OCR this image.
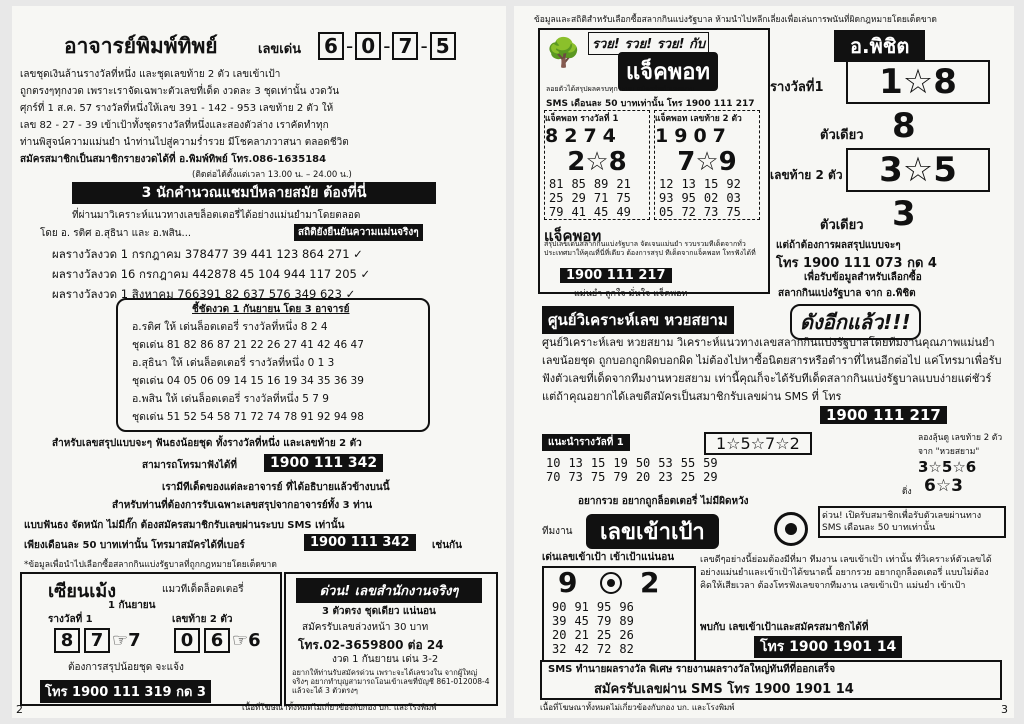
อาจารย์พิมพ์ทิพย์	เลขเด่น	6 - 0 - 7 - 5
เลขชุดเงินล้านรางวัลที่หนึ่ง และชุดเลขท้าย 2 ตัว เลขเข้าเป้า
ถูกตรงๆทุกงวด เพราะเราจัดเฉพาะตัวเลขที่เด็ด งวดละ 3 ชุดเท่านั้น งวดวัน
ศุกร์ที่ 1 ส.ค. 57 รางวัลที่หนึ่งให้เลข 391 - 142 - 953 เลขท้าย 2 ตัว ให้
เลข 82 - 27 - 39 เข้าเป้าทั้งชุดรางวัลที่หนึ่งและสองตัวล่าง เราคัดทำทุก
ท่านพิสูจน์ความแม่นยำ นำท่านไปสู่ความร่ำรวย มีโชคลาภวาสนา ตลอดชีวิต
สมัครสมาชิกเป็นสมาชิกรายงวดได้ที่ อ.พิมพ์ทิพย์ โทร.086-1635184
(ติดต่อได้ตั้งแต่เวลา 13.00 น. – 24.00 น.)
3 นักคำนวณแชมป์หลายสมัย ต้องที่นี่
ที่ผ่านมาวิเคราะห์แนวทางเลขล็อตเตอรี่ได้อย่างแม่นยำมาโดยตลอด
โดย อ. รติศ อ.สุธินา และ อ.พสิน...	สถิติยังยืนยันความแม่นจริงๆ
ผลรางวัลงวด 1 กรกฎาคม 378477 39 441 123 864 271 ✓
ผลรางวัลงวด 16 กรกฎาคม 442878 45 104 944 117 205 ✓
ผลรางวัลงวด 1 สิงหาคม 766391 82 637 576 349 623 ✓
ชี้ชัดงวด 1 กันยายน โดย 3 อาจารย์
อ.รติศ ให้ เด่นล็อตเตอรี่ รางวัลที่หนึ่ง 8 2 4
ชุดเด่น 81 82 86 87 21 22 26 27 41 42 46 47
อ.สุธินา ให้ เด่นล็อตเตอรี่ รางวัลที่หนึ่ง 0 1 3
ชุดเด่น 04 05 06 09 14 15 16 19 34 35 36 39
อ.พสิน ให้ เด่นล็อตเตอรี่ รางวัลที่หนึ่ง 5 7 9
ชุดเด่น 51 52 54 58 71 72 74 78 91 92 94 98
สำหรับเลขสรุปแบบจะๆ ฟันธงน้อยชุด ทั้งรางวัลที่หนึ่ง และเลขท้าย 2 ตัว
สามารถโทรมาฟังได้ที่	1900 111 342
เรามีทีเด็ดของแต่ละอาจารย์ ที่ได้อธิบายแล้วข้างบนนี้
สำหรับท่านที่ต้องการรับเฉพาะเลขสรุปจากอาจารย์ทั้ง 3 ท่าน
แบบฟันธง จัดหนัก ไม่มีกั๊ก ต้องสมัครสมาชิกรับเลขผ่านระบบ SMS เท่านั้น
เพียงเดือนละ 50 บาทเท่านั้น โทรมาสมัครได้ที่เบอร์	1900 111 342	เช่นกัน
*ข้อมูลเพื่อนำไปเลือกซื้อสลากกินแบ่งรัฐบาลที่ถูกกฎหมายโดยเด็ดขาด
เซียนเม้ง	แมวทีเด็ดล็อตเตอรี่
1 กันยายน
รางวัลที่ 1	เลขท้าย 2 ตัว
8 7 ☞7	0 6 ☞6
ต้องการสรุปน้อยชุด จะแจ้ง
โทร 1900 111 319 กด 3
ด่วน! เลขสำนักงานจริงๆ
3 ตัวตรง ชุดเดียว แน่นอน
สมัครรับเลขล่วงหน้า 30 บาท
โทร.02-3659800 ต่อ 24
งวด 1 กันยายน เด่น 3-2
อยากให้ท่านรับสมัครด่วน เพราะจะได้เลขวงใน จากผู้ใหญ่จริงๆ อยากทำบุญสามารถโอนเข้าเลขที่บัญชี 861-012008-4 แล้วจะได้ 3 ตัวตรงๆ
2	เนื้อที่โฆษณาทั้งหมดไม่เกี่ยวข้องกับกอง บก. และโรงพิมพ์
ข้อมูลและสถิติสำหรับเลือกซื้อสลากกินแบ่งรัฐบาล ห้ามนำไปหลีกเลี่ยงเพื่อเล่นการพนันที่ผิดกฎหมายโดยเด็ดขาด
รวย! รวย! รวย! กับ
🌳
แจ็คพอท
ลอยตัวได้สรุปผลครบทุกระบบ สมัครรับตัวเลขผ่าน
SMS เดือนละ 50 บาทเท่านั้น โทร 1900 111 217
แจ็คพอท รางวัลที่ 1
8274
2☆8
81	85	89	21
25	29	71	75
79	41	45	49
แจ็คพอท เลขท้าย 2 ตัว
1907
7☆9
12	13	15	92
93	95	02	03
05	72	73	75
แจ็คพอท
สรุปเลขเด่นสลากกินแบ่งรัฐบาล จัดเจนแม่นยำ รวบรวมทีเด็ดจากทั่วประเทศมาให้คุณที่นี่ที่เดียว ต้องการสรุป ทีเด็ดจากแจ็คพอท โทรฟังได้ที่
1900 111 217
แม่นยำ ถูกใจ มั่นใจ แจ็คพอท
อ.พิชิต
รางวัลที่1	1☆8
ตัวเดียว 8
เลขท้าย 2 ตัว	3☆5
ตัวเดียว 3
แต่ถ้าต้องการผลสรุปแบบจะๆ
โทร 1900 111 073 กด 4
เพื่อรับข้อมูลสำหรับเลือกซื้อ
สลากกินแบ่งรัฐบาล จาก อ.พิชิต
ศูนย์วิเคราะห์เลข หวยสยาม	ดังอีกแล้ว!!!
ศูนย์วิเคราะห์เลข หวยสยาม วิเคราะห์แนวทางเลขสลากกินแบ่งรัฐบาลโดยทีมงานคุณภาพแม่นยำ เลขน้อยชุด ถูกบอกถูกผิดบอกผิด ไม่ต้องไปหาซื้อนิตยสารหรือตำราที่ไหนอีกต่อไป แค่โทรมาเพื่อรับฟังตัวเลขที่เด็ดจากทีมงานหวยสยาม เท่านี้คุณก็จะได้รับทีเด็ดสลากกินแบ่งรัฐบาลแบบง่ายแต่ชัวร์ แต่ถ้าคุณอยากได้เลขดีสมัครเป็นสมาชิกรับเลขผ่าน SMS ที่ โทร
1900 111 217
แนะนำรางวัลที่ 1	1☆5☆7☆2
10	13	15	19	50	53	55	59
70	73	75	79	20	23	25	29
ลองลุ้นดู เลขท้าย 2 ตัว
จาก "หวยสยาม"
3☆5☆6
ดิ่ง 6☆3
อยากรวย อยากถูกล็อตเตอรี่ ไม่มีผิดหวัง
ทีมงาน	เลขเข้าเป้า
ด่วน! เปิดรับสมาชิกเพื่อรับตัวเลขผ่านทาง SMS เดือนละ 50 บาทเท่านั้น
เด่นเลขเข้าเป้า เข้าเป้าแน่นอน
9 2
90	91	95	96
39	45	79	89
20	21	25	26
32	42	72	82
เลขดีๆอย่างนี้ย่อมต้องมีที่มา ทีมงาน เลขเข้าเป้า เท่านั้น ที่วิเคราะห์ตัวเลขได้อย่างแม่นยำและเข้าเป้าได้ขนาดนี้ อยากรวย อยากถูกล็อตเตอรี่ แบบไม่ต้องคิดให้เสียเวลา ต้องโทรฟังเลขจากทีมงาน เลขเข้าเป้า แม่นยำ เข้าเป้า
พบกับ เลขเข้าเป้าและสมัครสมาชิกได้ที่
โทร 1900 1901 14
SMS ทำนายผลรางวัล พิเศษ รายงานผลรางวัลใหญ่ทันทีที่ออกเสร็จ
สมัครรับเลขผ่าน SMS โทร 1900 1901 14
เนื้อที่โฆษณาทั้งหมดไม่เกี่ยวข้องกับกอง บก. และโรงพิมพ์	3
